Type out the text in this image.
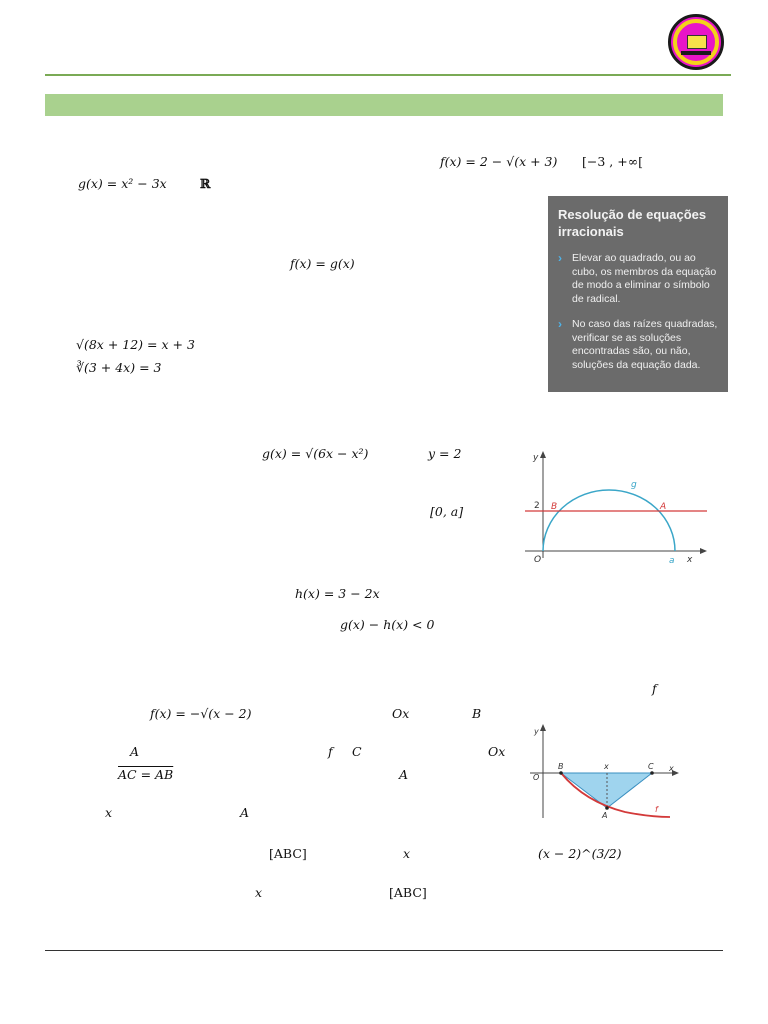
f(x) = 2 − √(x + 3) [−3 , +∞[
g(x) = x² − 3x	ℝ
f(x) = g(x)
√(8x + 12) = x + 3
∛(3 + 4x) = 3
Resolução de equações irracionais
› Elevar ao quadrado, ou ao cubo, os membros da equação de modo a eliminar o símbolo de radical.
› No caso das raízes quadradas, verificar se as soluções encontradas são, ou não, soluções da equação dada.
g(x) = √(6x − x²)	y = 2
[0, a]
h(x) = 3 − 2x
g(x) − h(x) < 0
y
x
2 B	A
g
O	a
f
f(x) = −√(x − 2)	Ox	B
A	f C	Ox
AC = AB	A
x	A
[ABC]	x	(x − 2)^(3/2)
x	[ABC]
y
x
B	x	C
O
A
f
